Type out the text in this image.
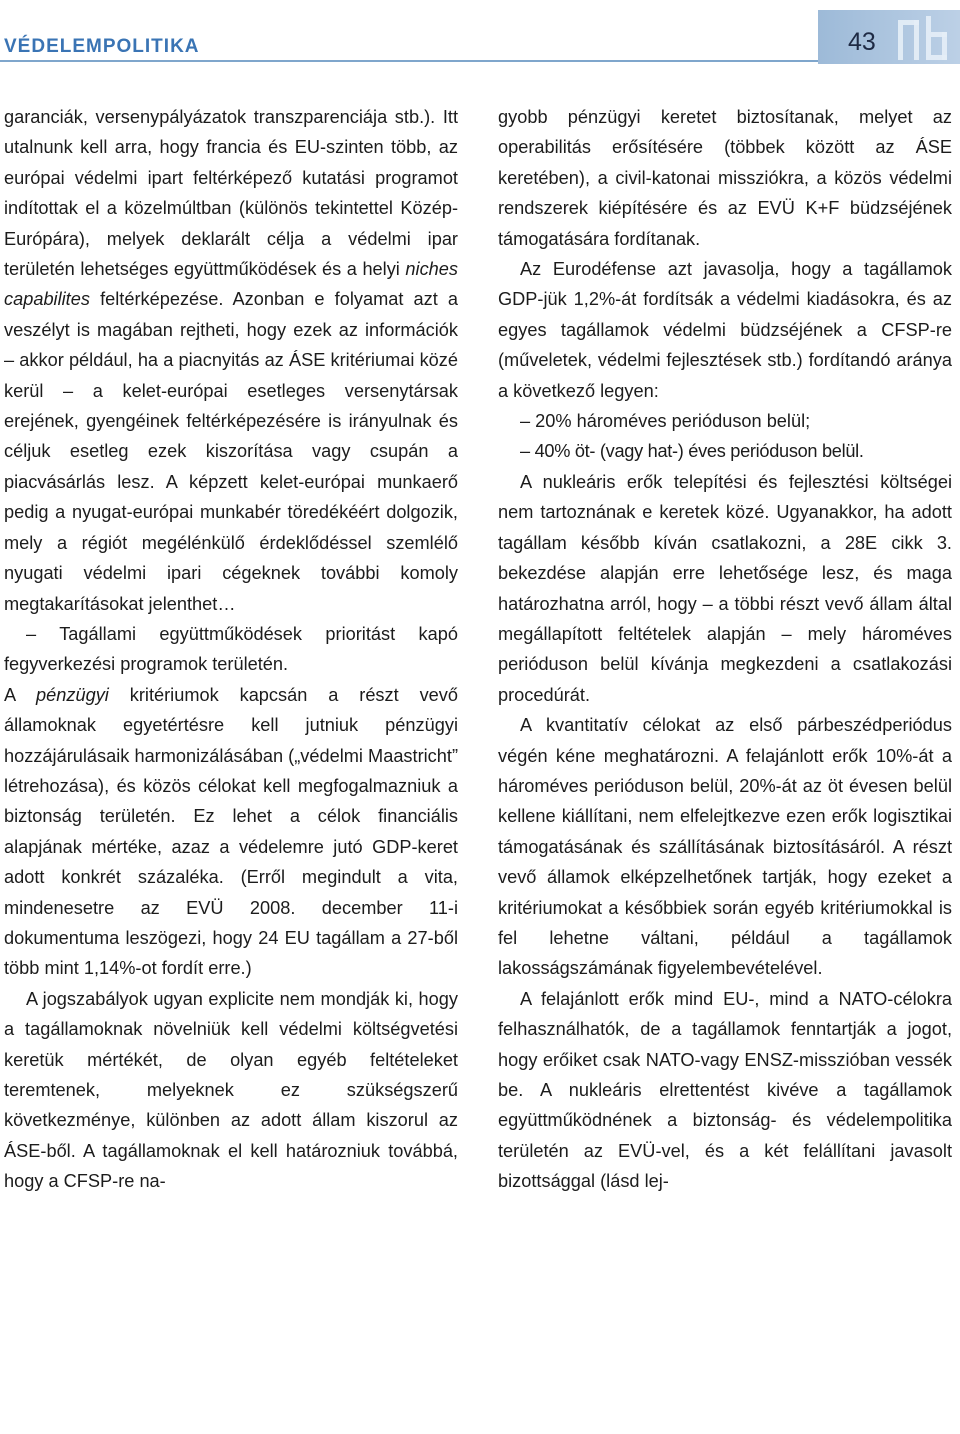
VÉDELEMPOLITIKA	43

garanciák, versenypályázatok transzparenciája stb.). Itt utalnunk kell arra, hogy francia és EU-szinten több, az európai védelmi ipart feltérképező kutatási programot indítottak el a közelmúltban (különös tekintettel Közép-Európára), melyek deklarált célja a védelmi ipar területén lehetséges együttműködések és a helyi niches capabilites feltérképezése. Azonban e folyamat azt a veszélyt is magában rejtheti, hogy ezek az információk – akkor például, ha a piacnyitás az ÁSE kritériumai közé kerül – a kelet-európai esetleges versenytársak erejének, gyengéinek feltérképezésére is irányulnak és céljuk esetleg ezek kiszorítása vagy csupán a piacvásárlás lesz. A képzett kelet-európai munkaerő pedig a nyugat-európai munkabér töredékéért dolgozik, mely a régiót megélénkülő érdeklődéssel szemlélő nyugati védelmi ipari cégeknek további komoly megtakarításokat jelenthet…

– Tagállami együttműködések prioritást kapó fegyverkezési programok területén.

A pénzügyi kritériumok kapcsán a részt vevő államoknak egyetértésre kell jutniuk pénzügyi hozzájárulásaik harmonizálásában („védelmi Maastricht” létrehozása), és közös célokat kell megfogalmazniuk a biztonság területén. Ez lehet a célok financiális alapjának mértéke, azaz a védelemre jutó GDP-keret adott konkrét százaléka. (Erről megindult a vita, mindenesetre az EVÜ 2008. december 11-i dokumentuma leszögezi, hogy 24 EU tagállam a 27-ből több mint 1,14%-ot fordít erre.)

A jogszabályok ugyan explicite nem mondják ki, hogy a tagállamoknak növelniük kell védelmi költségvetési keretük mértékét, de olyan egyéb feltételeket teremtenek, melyeknek ez szükségszerű következménye, különben az adott állam kiszorul az ÁSE-ből. A tagállamoknak el kell határozniuk továbbá, hogy a CFSP-re na-

gyobb pénzügyi keretet biztosítanak, melyet az operabilitás erősítésére (többek között az ÁSE keretében), a civil-katonai missziókra, a közös védelmi rendszerek kiépítésére és az EVÜ K+F büdzséjének támogatására fordítanak.

Az Eurodéfense azt javasolja, hogy a tagállamok GDP-jük 1,2%-át fordítsák a védelmi kiadásokra, és az egyes tagállamok védelmi büdzséjének a CFSP-re (műveletek, védelmi fejlesztések stb.) fordítandó aránya a következő legyen:

– 20% hároméves perióduson belül;

– 40% öt- (vagy hat-) éves perióduson belül.

A nukleáris erők telepítési és fejlesztési költségei nem tartoznának e keretek közé. Ugyanakkor, ha adott tagállam később kíván csatlakozni, a 28E cikk 3. bekezdése alapján erre lehetősége lesz, és maga határozhatna arról, hogy – a többi részt vevő állam által megállapított feltételek alapján – mely hároméves perióduson belül kívánja megkezdeni a csatlakozási procedúrát.

A kvantitatív célokat az első párbeszédperiódus végén kéne meghatározni. A felajánlott erők 10%-át a hároméves perióduson belül, 20%-át az öt évesen belül kellene kiállítani, nem elfelejtkezve ezen erők logisztikai támogatásának és szállításának biztosításáról. A részt vevő államok elképzelhetőnek tartják, hogy ezeket a kritériumokat a későbbiek során egyéb kritériumokkal is fel lehetne váltani, például a tagállamok lakosságszámának figyelembevételével.

A felajánlott erők mind EU-, mind a NATO-célokra felhasználhatók, de a tagállamok fenntartják a jogot, hogy erőiket csak NATO-vagy ENSZ-misszióban vessék be. A nukleáris elrettentést kivéve a tagállamok együttműködnének a biztonság- és védelempolitika területén az EVÜ-vel, és a két felállítani javasolt bizottsággal (lásd lej-
